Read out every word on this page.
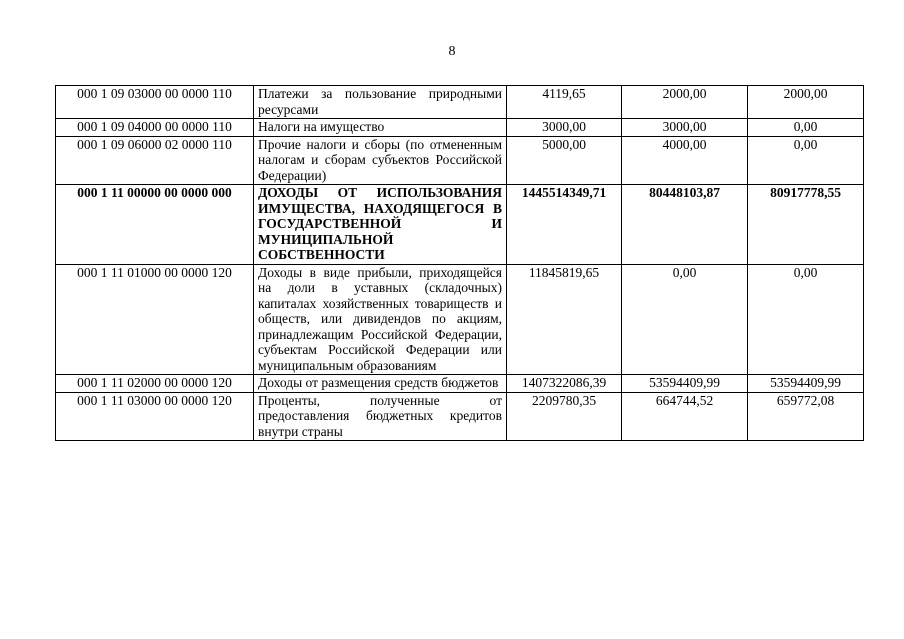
8
000 1 09 03000 00 0000 110	Платежи за пользование природными ресурсами	4119,65	2000,00	2000,00
000 1 09 04000 00 0000 110	Налоги на имущество	3000,00	3000,00	0,00
000 1 09 06000 02 0000 110	Прочие налоги и сборы (по отмененным налогам и сборам субъектов Российской Федерации)	5000,00	4000,00	0,00
000 1 11 00000 00 0000 000	ДОХОДЫ ОТ ИСПОЛЬЗОВАНИЯ ИМУЩЕСТВА, НАХОДЯЩЕГОСЯ В ГОСУДАРСТВЕННОЙ И МУНИЦИПАЛЬНОЙ СОБСТВЕННОСТИ	1445514349,71	80448103,87	80917778,55
000 1 11 01000 00 0000 120	Доходы в виде прибыли, приходящейся на доли в уставных (складочных) капиталах хозяйственных товариществ и обществ, или дивидендов по акциям, принадлежащим Российской Федерации, субъектам Российской Федерации или муниципальным образованиям	11845819,65	0,00	0,00
000 1 11 02000 00 0000 120	Доходы от размещения средств бюджетов	1407322086,39	53594409,99	53594409,99
000 1 11 03000 00 0000 120	Проценты, полученные от предоставления бюджетных кредитов внутри страны	2209780,35	664744,52	659772,08
